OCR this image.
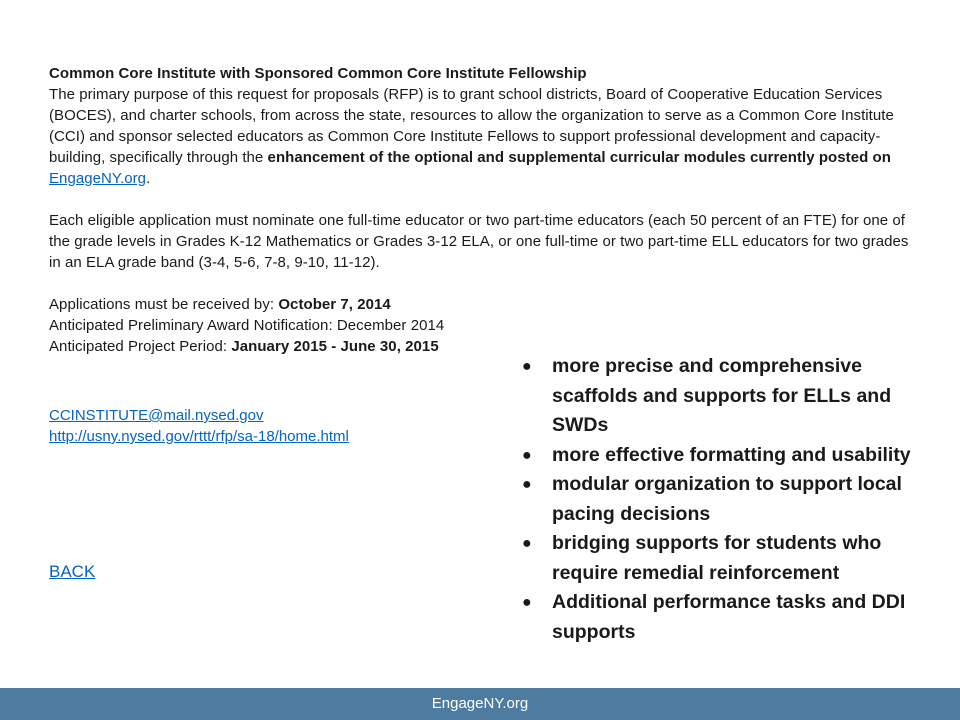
Common Core Institute with Sponsored Common Core Institute Fellowship

The primary purpose of this request for proposals (RFP) is to grant school districts, Board of Cooperative Education Services (BOCES), and charter schools, from across the state, resources to allow the organization to serve as a Common Core Institute (CCI) and sponsor selected educators as Common Core Institute Fellows to support professional development and capacity-building, specifically through the enhancement of the optional and supplemental curricular modules currently posted on EngageNY.org.

Each eligible application must nominate one full-time educator or two part-time educators (each 50 percent of an FTE) for one of the grade levels in Grades K-12 Mathematics or Grades 3-12 ELA, or one full-time or two part-time ELL educators for two grades in an ELA grade band (3-4, 5-6, 7-8, 9-10, 11-12).

Applications must be received by: October 7, 2014

Anticipated Preliminary Award Notification: December 2014

Anticipated Project Period: January 2015 - June 30, 2015

CCINSTITUTE@mail.nysed.gov
http://usny.nysed.gov/rttt/rfp/sa-18/home.html
BACK
● more precise and comprehensive scaffolds and supports for ELLs and SWDs
● more effective formatting and usability
● modular organization to support local pacing decisions
● bridging supports for students who require remedial reinforcement
● Additional performance tasks and DDI supports
EngageNY.org
